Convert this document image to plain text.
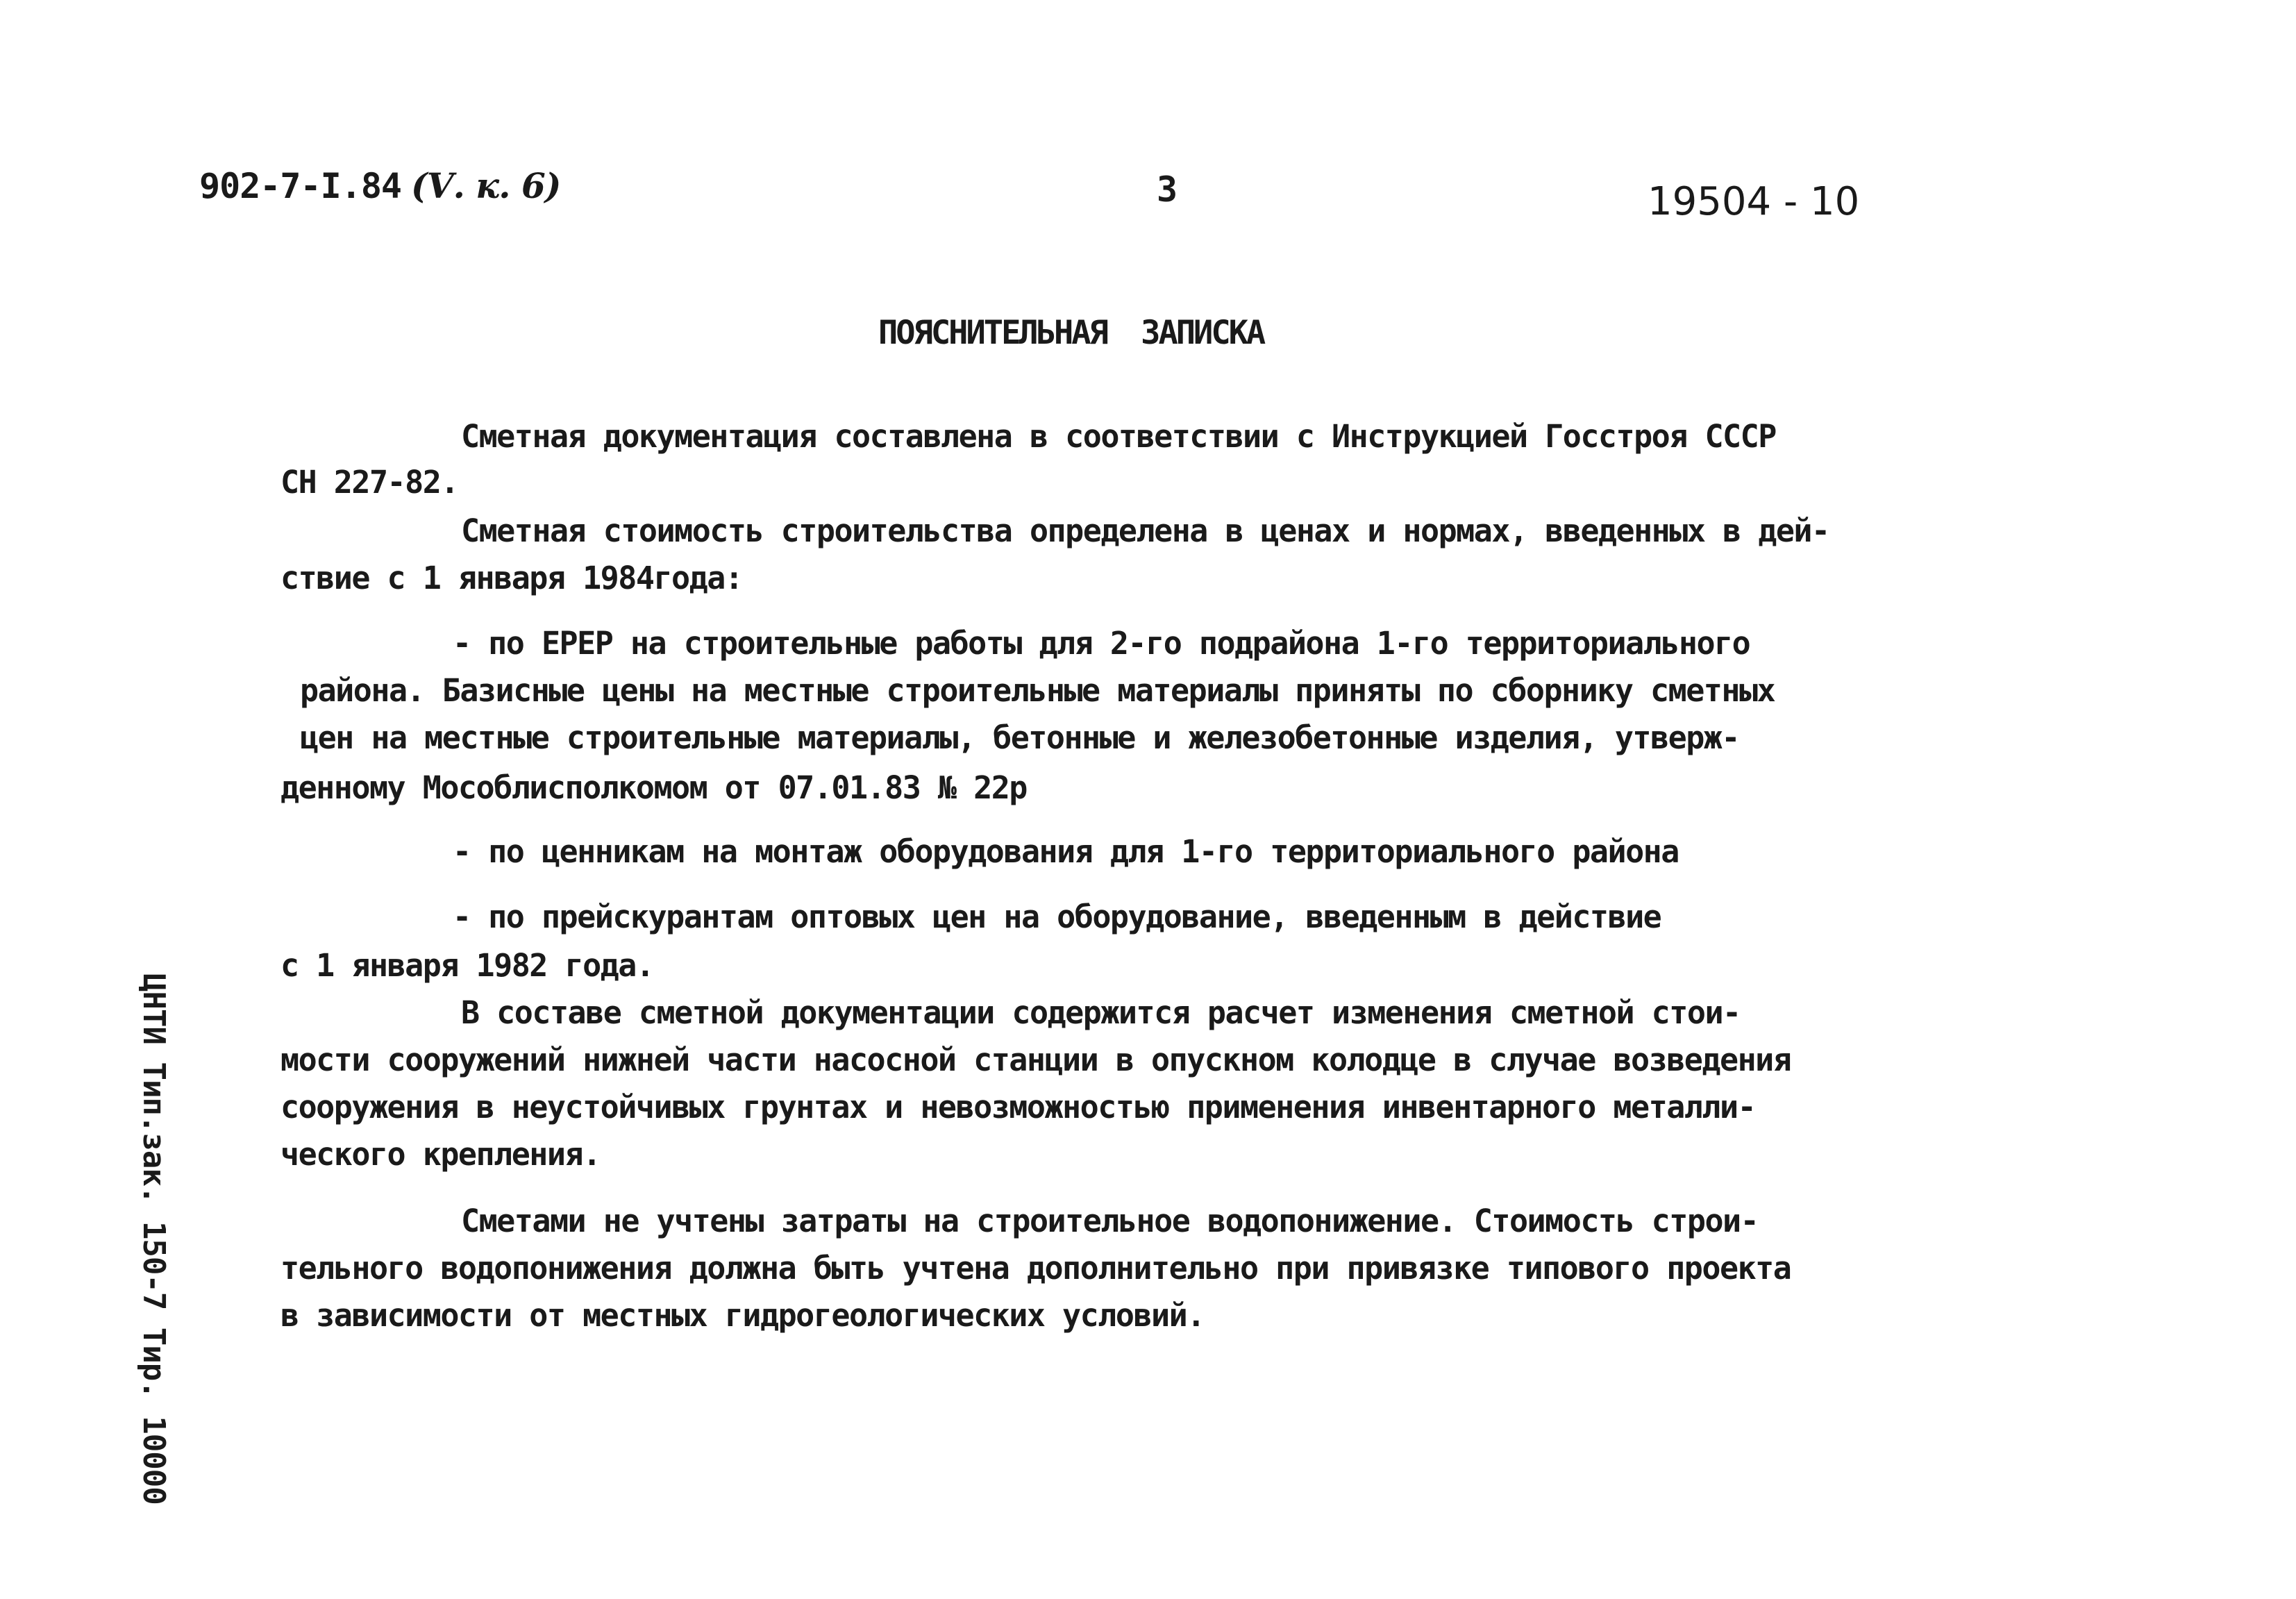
902-7-I.84 (Ⅴ. к. 6)	3	19504 - 10
ПОЯСНИТЕЛЬНАЯ ЗАПИСКА
Сметная документация составлена в соответствии с Инструкцией Госстроя СССР
СН 227-82.
Сметная стоимость строительства определена в ценах и нормах, введенных в дей-
ствие с 1 января 1984года:
- по ЕРЕР на строительные работы для 2-го подрайона 1-го территориального
района. Базисные цены на местные строительные материалы приняты по сборнику сметных
цен на местные строительные материалы, бетонные и железобетонные изделия, утверж-
денному Мособлисполкомом от 07.01.83 № 22р
- по ценникам на монтаж оборудования для 1-го территориального района
- по прейскурантам оптовых цен на оборудование, введенным в действие
с 1 января 1982 года.
В составе сметной документации содержится расчет изменения сметной стои-
мости сооружений нижней части насосной станции в опускном колодце в случае возведения
сооружения в неустойчивых грунтах и невозможностью применения инвентарного металли-
ческого крепления.
Сметами не учтены затраты на строительное водопонижение. Стоимость строи-
тельного водопонижения должна быть учтена дополнительно при привязке типового проекта
в зависимости от местных гидрогеологических условий.
ЦНТИ Тип.зак. 150-7 Тир. 10000
